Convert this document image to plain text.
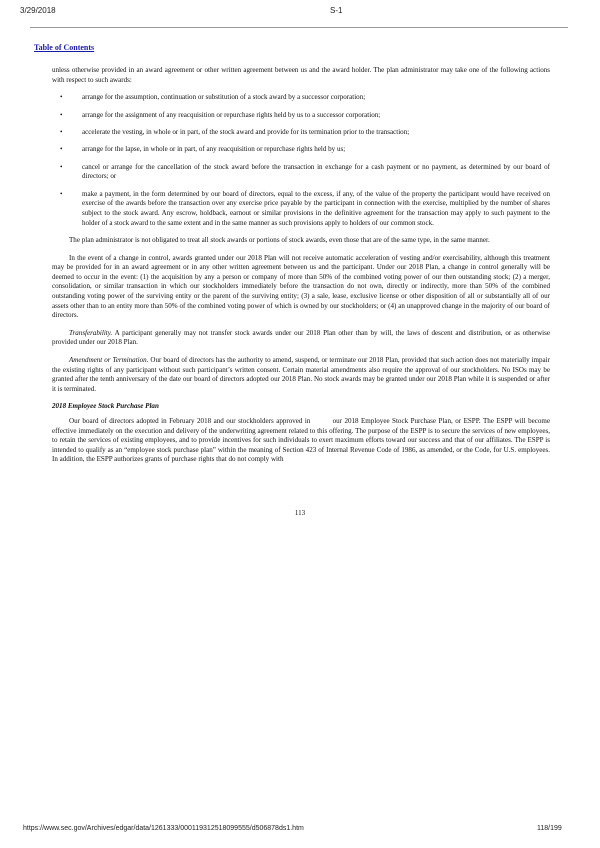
3/29/2018	S-1
Table of Contents

unless otherwise provided in an award agreement or other written agreement between us and the award holder. The plan administrator may take one of the following actions with respect to such awards:

•	arrange for the assumption, continuation or substitution of a stock award by a successor corporation;
•	arrange for the assignment of any reacquisition or repurchase rights held by us to a successor corporation;
•	accelerate the vesting, in whole or in part, of the stock award and provide for its termination prior to the transaction;
•	arrange for the lapse, in whole or in part, of any reacquisition or repurchase rights held by us;
•	cancel or arrange for the cancellation of the stock award before the transaction in exchange for a cash payment or no payment, as determined by our board of directors; or
•	make a payment, in the form determined by our board of directors, equal to the excess, if any, of the value of the property the participant would have received on exercise of the awards before the transaction over any exercise price payable by the participant in connection with the exercise, multiplied by the number of shares subject to the stock award. Any escrow, holdback, earnout or similar provisions in the definitive agreement for the transaction may apply to such payment to the holder of a stock award to the same extent and in the same manner as such provisions apply to holders of our common stock.

The plan administrator is not obligated to treat all stock awards or portions of stock awards, even those that are of the same type, in the same manner.

In the event of a change in control, awards granted under our 2018 Plan will not receive automatic acceleration of vesting and/or exercisability, although this treatment may be provided for in an award agreement or in any other written agreement between us and the participant. Under our 2018 Plan, a change in control generally will be deemed to occur in the event: (1) the acquisition by any a person or company of more than 50% of the combined voting power of our then outstanding stock; (2) a merger, consolidation, or similar transaction in which our stockholders immediately before the transaction do not own, directly or indirectly, more than 50% of the combined outstanding voting power of the surviving entity or the parent of the surviving entity; (3) a sale, lease, exclusive license or other disposition of all or substantially all of our assets other than to an entity more than 50% of the combined voting power of which is owned by our stockholders; or (4) an unapproved change in the majority of our board of directors.

Transferability. A participant generally may not transfer stock awards under our 2018 Plan other than by will, the laws of descent and distribution, or as otherwise provided under our 2018 Plan.

Amendment or Termination. Our board of directors has the authority to amend, suspend, or terminate our 2018 Plan, provided that such action does not materially impair the existing rights of any participant without such participant’s written consent. Certain material amendments also require the approval of our stockholders. No ISOs may be granted after the tenth anniversary of the date our board of directors adopted our 2018 Plan. No stock awards may be granted under our 2018 Plan while it is suspended or after it is terminated.

2018 Employee Stock Purchase Plan

Our board of directors adopted in February 2018 and our stockholders approved in         our 2018 Employee Stock Purchase Plan, or ESPP. The ESPP will become effective immediately on the execution and delivery of the underwriting agreement related to this offering. The purpose of the ESPP is to secure the services of new employees, to retain the services of existing employees, and to provide incentives for such individuals to exert maximum efforts toward our success and that of our affiliates. The ESPP is intended to qualify as an “employee stock purchase plan” within the meaning of Section 423 of Internal Revenue Code of 1986, as amended, or the Code, for U.S. employees. In addition, the ESPP authorizes grants of purchase rights that do not comply with

113
https://www.sec.gov/Archives/edgar/data/1261333/000119312518099555/d506878ds1.htm	118/199
